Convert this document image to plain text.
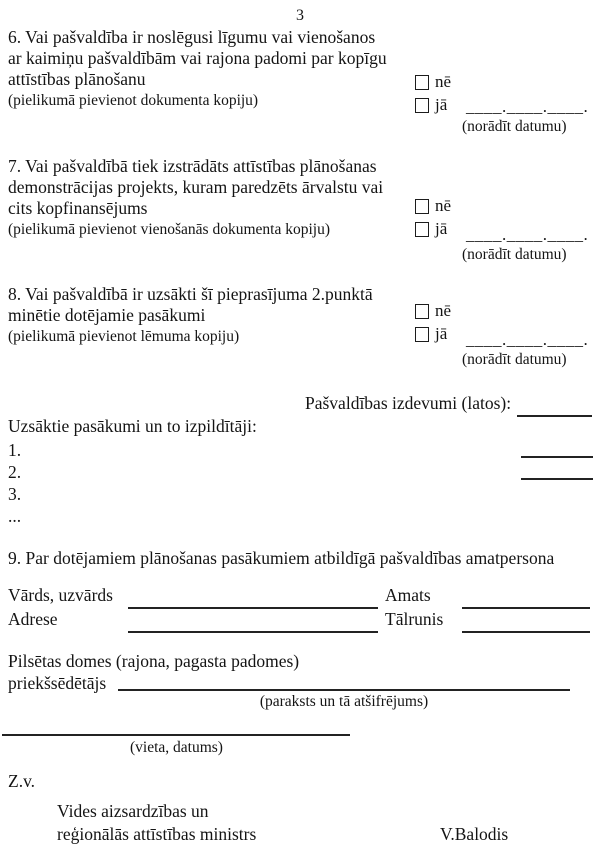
3
6. Vai pašvaldība ir noslēgusi līgumu vai vienošanos
ar kaimiņu pašvaldībām vai rajona padomi par kopīgu
attīstības plānošanu
(pielikumā pievienot dokumenta kopiju)
nē
jā ____.____.____.
(norādīt datumu)
7. Vai pašvaldībā tiek izstrādāts attīstības plānošanas
demonstrācijas projekts, kuram paredzēts ārvalstu vai
cits kopfinansējums
(pielikumā pievienot vienošanās dokumenta kopiju)
nē
jā ____.____.____.
(norādīt datumu)
8. Vai pašvaldībā ir uzsākti šī pieprasījuma 2.punktā
minētie dotējamie pasākumi
(pielikumā pievienot lēmuma kopiju)
nē
jā ____.____.____.
(norādīt datumu)
Pašvaldības izdevumi (latos):
Uzsāktie pasākumi un to izpildītāji:
1.
2.
3.
...
9. Par dotējamiem plānošanas pasākumiem atbildīgā pašvaldības amatpersona
Vārds, uzvārds	Amats
Adrese	Tālrunis
Pilsētas domes (rajona, pagasta padomes)
priekšsēdētājs
(paraksts un tā atšifrējums)
(vieta, datums)
Z.v.
Vides aizsardzības un
reģionālās attīstības ministrs	V.Balodis
